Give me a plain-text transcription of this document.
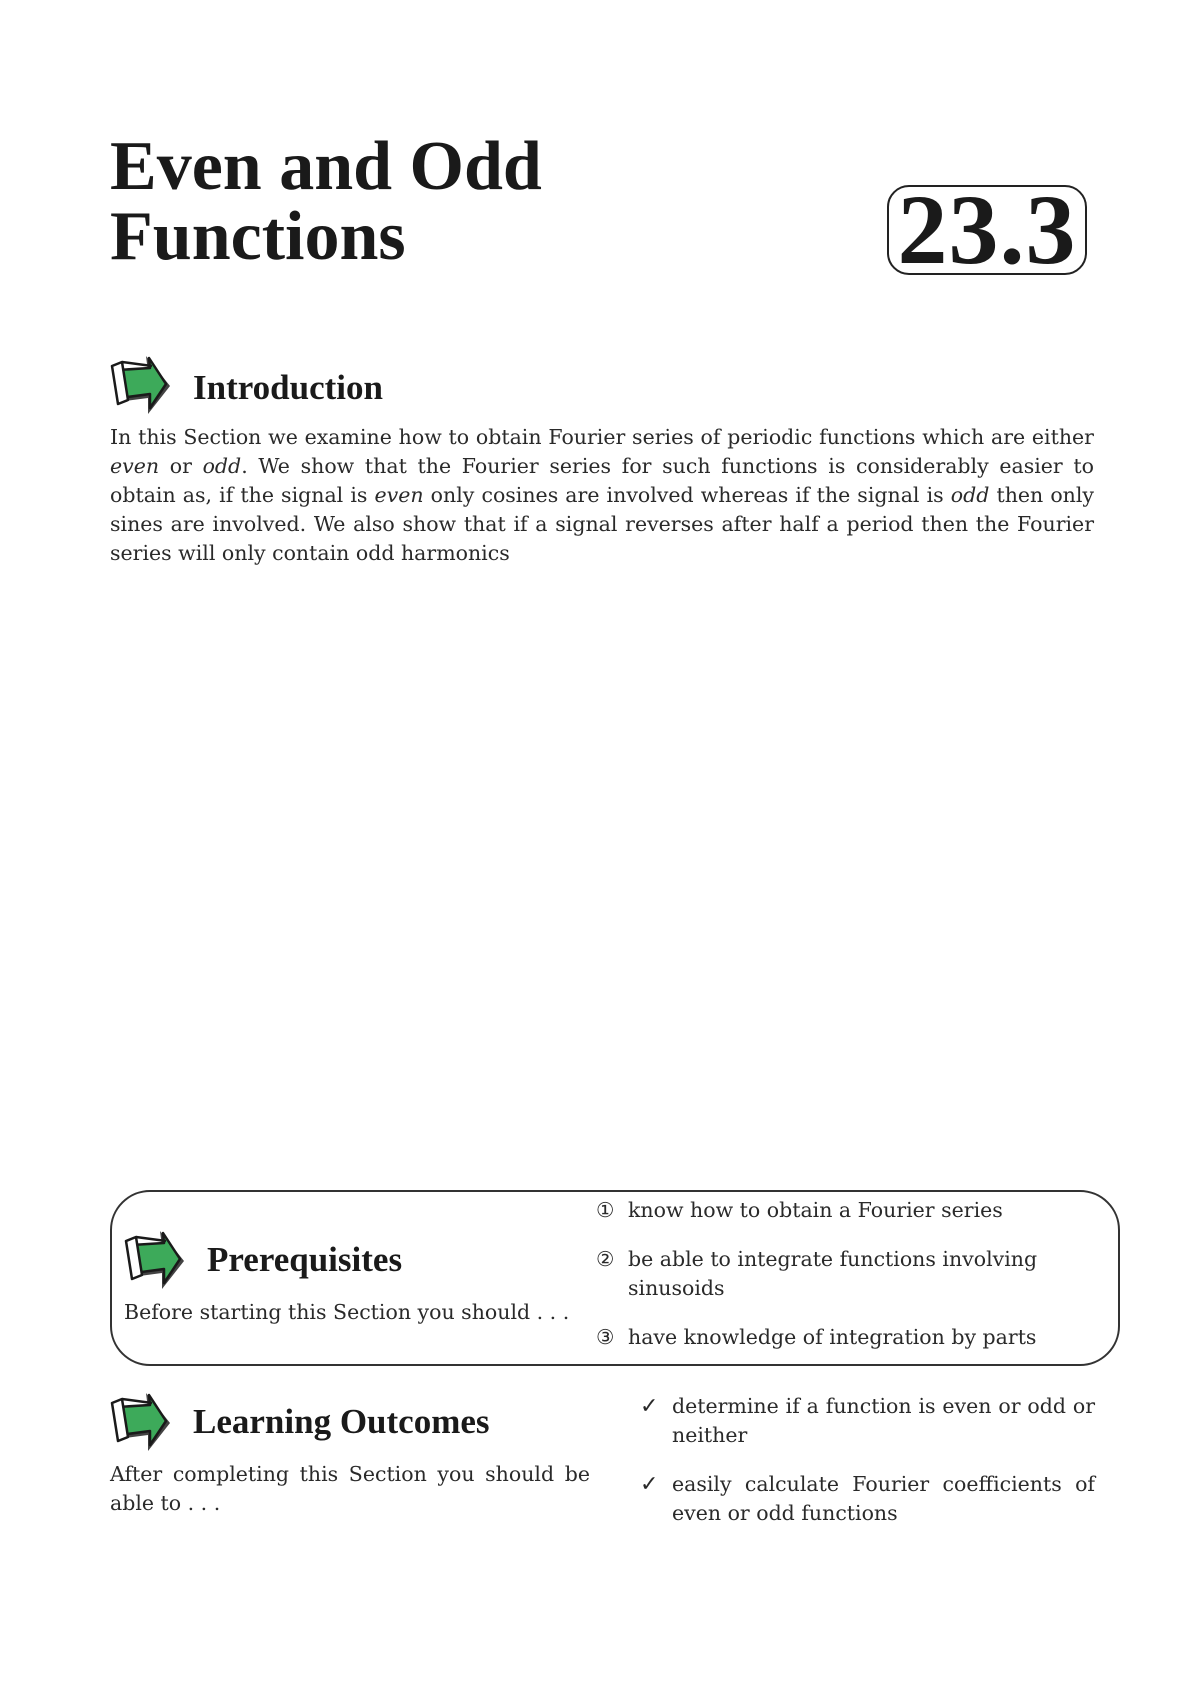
Even and Odd
Functions	23.3
Introduction

In this Section we examine how to obtain Fourier series of periodic functions which are either even or odd. We show that the Fourier series for such functions is considerably easier to obtain as, if the signal is even only cosines are involved whereas if the signal is odd then only sines are involved. We also show that if a signal reverses after half a period then the Fourier series will only contain odd harmonics

Prerequisites

Before starting this Section you should . . .

① know how to obtain a Fourier series
② be able to integrate functions involving sinusoids
③ have knowledge of integration by parts
Learning Outcomes

After completing this Section you should be able to . . .

✓ determine if a function is even or odd or neither
✓ easily calculate Fourier coefficients of even or odd functions
